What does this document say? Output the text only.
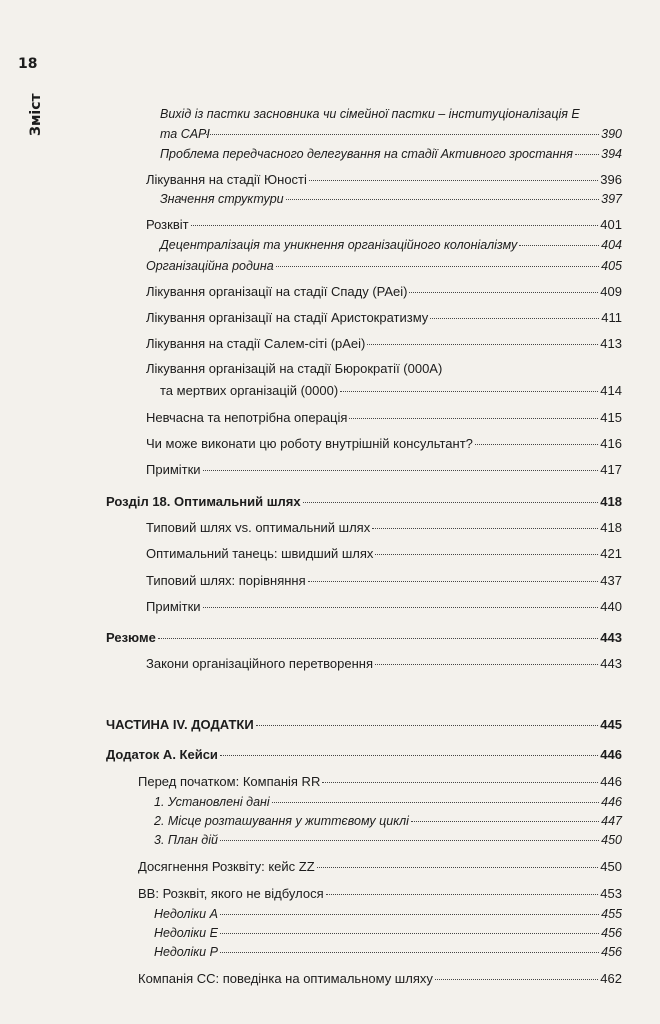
18
Зміст	Вихід із пастки засновника чи сімейної пастки – інституціоналізація Е
та CAPI	390
Проблема передчасного делегування на стадії Активного зростання 394
Лікування на стадії Юності	396
Значення структури	397
Розквіт	401
Децентралізація та уникнення організаційного колоніалізму	404
Організаційна родина	405
Лікування організації на стадії Спаду (PAei)	409
Лікування організації на стадії Аристократизму	411
Лікування на стадії Салем-сіті (pAei)	413
Лікування організацій на стадії Бюрократії (000A)
та мертвих організацій (0000)	414
Невчасна та непотрібна операція	415
Чи може виконати цю роботу внутрішній консультант?	416
Примітки	417
Розділ 18. Оптимальний шлях	418
Типовий шлях vs. оптимальний шлях	418
Оптимальний танець: швидший шлях	421
Типовий шлях: порівняння	437
Примітки	440
Резюме	443
Закони організаційного перетворення	443
ЧАСТИНА IV. ДОДАТКИ	445
Додаток А. Кейси	446
Перед початком: Компанія RR	446
1. Установлені дані	446
2. Місце розташування у життєвому циклі	447
3. План дій	450
Досягнення Розквіту: кейс ZZ	450
BB: Розквіт, якого не відбулося	453
Недоліки А	455
Недоліки Е	456
Недоліки Р	456
Компанія СС: поведінка на оптимальному шляху	462
